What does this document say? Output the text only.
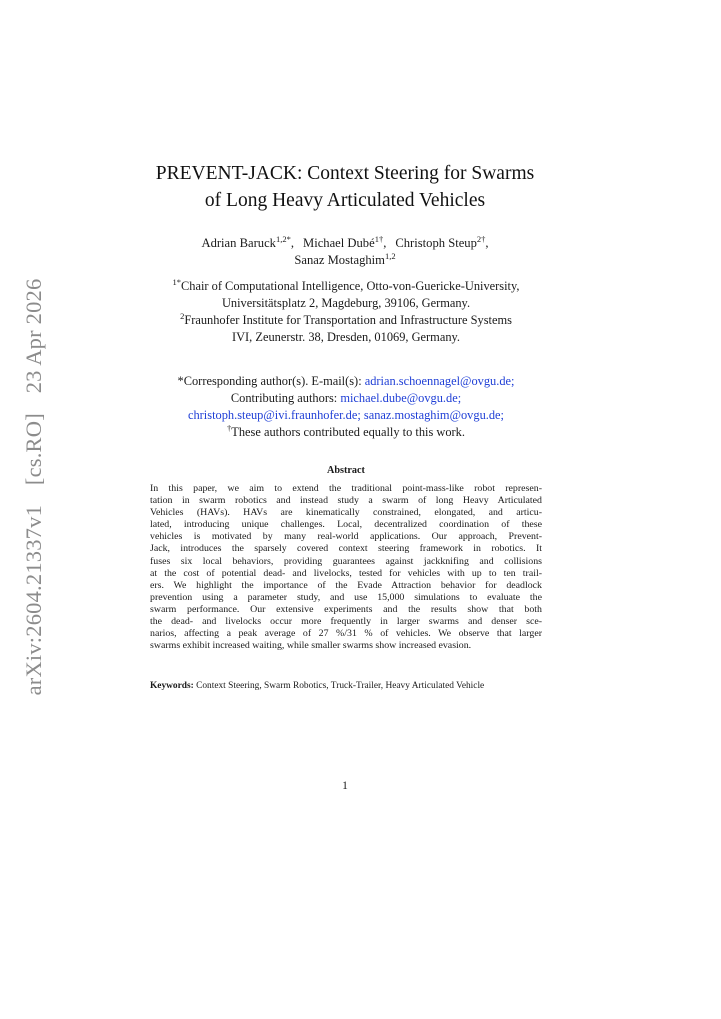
arXiv:2604.21337v1 [cs.RO] 23 Apr 2026
PREVENT-JACK: Context Steering for Swarms
of Long Heavy Articulated Vehicles
Adrian Baruck$^{1,2*}$, Michael Dubé$^{1\dagger}$, Christoph Steup$^{2\dagger}$,
Sanaz Mostaghim$^{1,2}$
$^{1*}$Chair of Computational Intelligence, Otto-von-Guericke-University,
Universitätsplatz 2, Magdeburg, 39106, Germany.
$^2$Fraunhofer Institute for Transportation and Infrastructure Systems
IVI, Zeunerstr. 38, Dresden, 01069, Germany.
*Corresponding author(s). E-mail(s): adrian.schoennagel@ovgu.de;
Contributing authors: michael.dube@ovgu.de;
christoph.steup@ivi.fraunhofer.de; sanaz.mostaghim@ovgu.de;
†These authors contributed equally to this work.
Abstract
In this paper, we aim to extend the traditional point-mass-like robot represen-
tation in swarm robotics and instead study a swarm of long Heavy Articulated
Vehicles (HAVs). HAVs are kinematically constrained, elongated, and articu-
lated, introducing unique challenges. Local, decentralized coordination of these
vehicles is motivated by many real-world applications. Our approach, Prevent-
Jack, introduces the sparsely covered context steering framework in robotics. It
fuses six local behaviors, providing guarantees against jackknifing and collisions
at the cost of potential dead- and livelocks, tested for vehicles with up to ten trail-
ers. We highlight the importance of the Evade Attraction behavior for deadlock
prevention using a parameter study, and use 15,000 simulations to evaluate the
swarm performance. Our extensive experiments and the results show that both
the dead- and livelocks occur more frequently in larger swarms and denser sce-
narios, affecting a peak average of 27 %/31 % of vehicles. We observe that larger
swarms exhibit increased waiting, while smaller swarms show increased evasion.
Keywords: Context Steering, Swarm Robotics, Truck-Trailer, Heavy Articulated Vehicle
1
